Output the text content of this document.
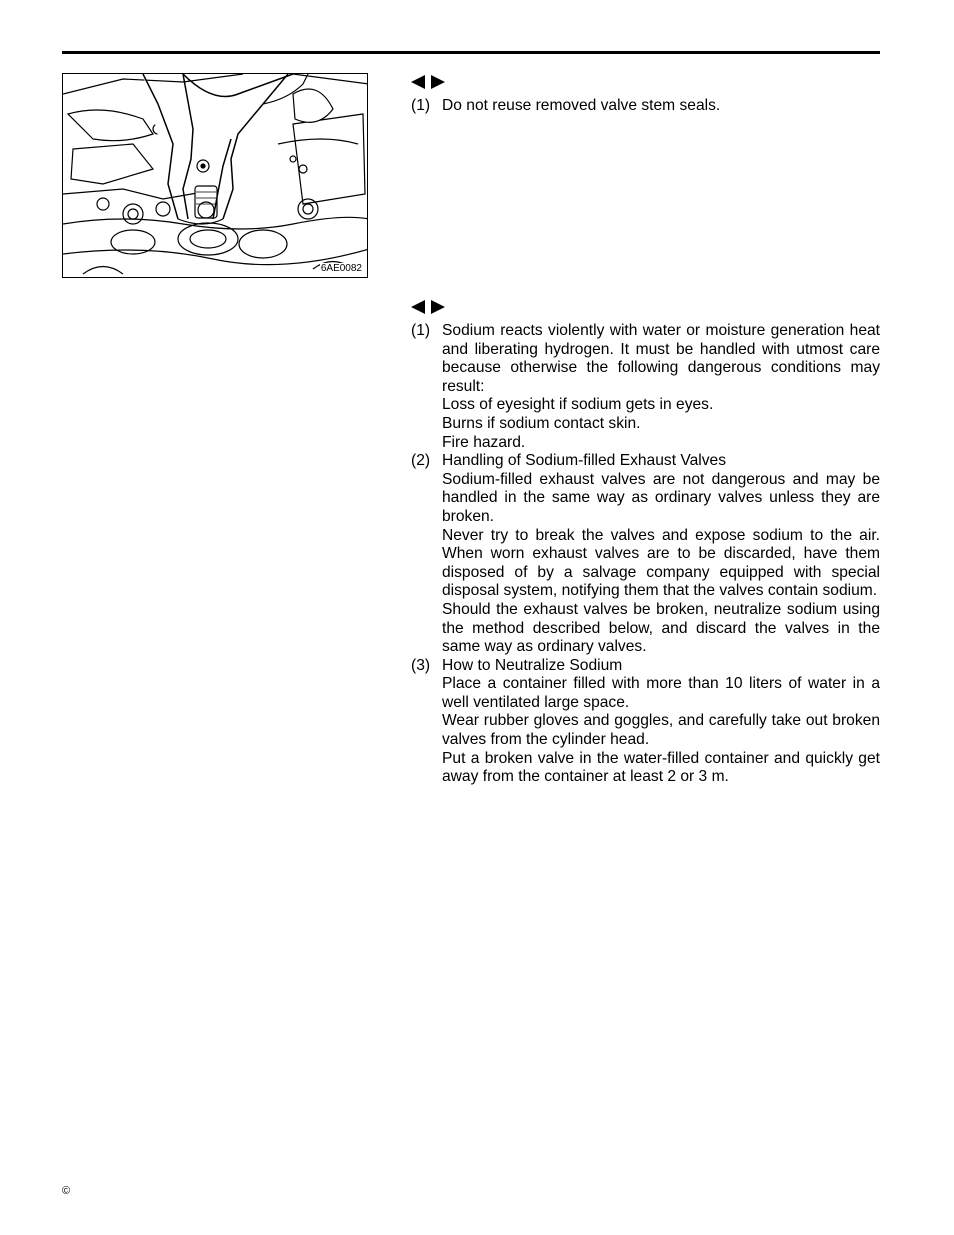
6AE0082
(1) Do not reuse removed valve stem seals.
(1) Sodium reacts violently with water or moisture generation heat and liberating hydrogen. It must be handled with utmost care because otherwise the following dangerous conditions may result:
Loss of eyesight if sodium gets in eyes.
Burns if sodium contact skin.
Fire hazard.
(2) Handling of Sodium-filled Exhaust Valves
Sodium-filled exhaust valves are not dangerous and may be handled in the same way as ordinary valves unless they are broken.
Never try to break the valves and expose sodium to the air. When worn exhaust valves are to be discarded, have them disposed of by a salvage company equipped with special disposal system, notifying them that the valves contain sodium.
Should the exhaust valves be broken, neutralize sodium using the method described below, and discard the valves in the same way as ordinary valves.
(3) How to Neutralize Sodium
Place a container filled with more than 10 liters of water in a well ventilated large space.
Wear rubber gloves and goggles, and carefully take out broken valves from the cylinder head.
Put a broken valve in the water-filled container and quickly get away from the container at least 2 or 3 m.
©
